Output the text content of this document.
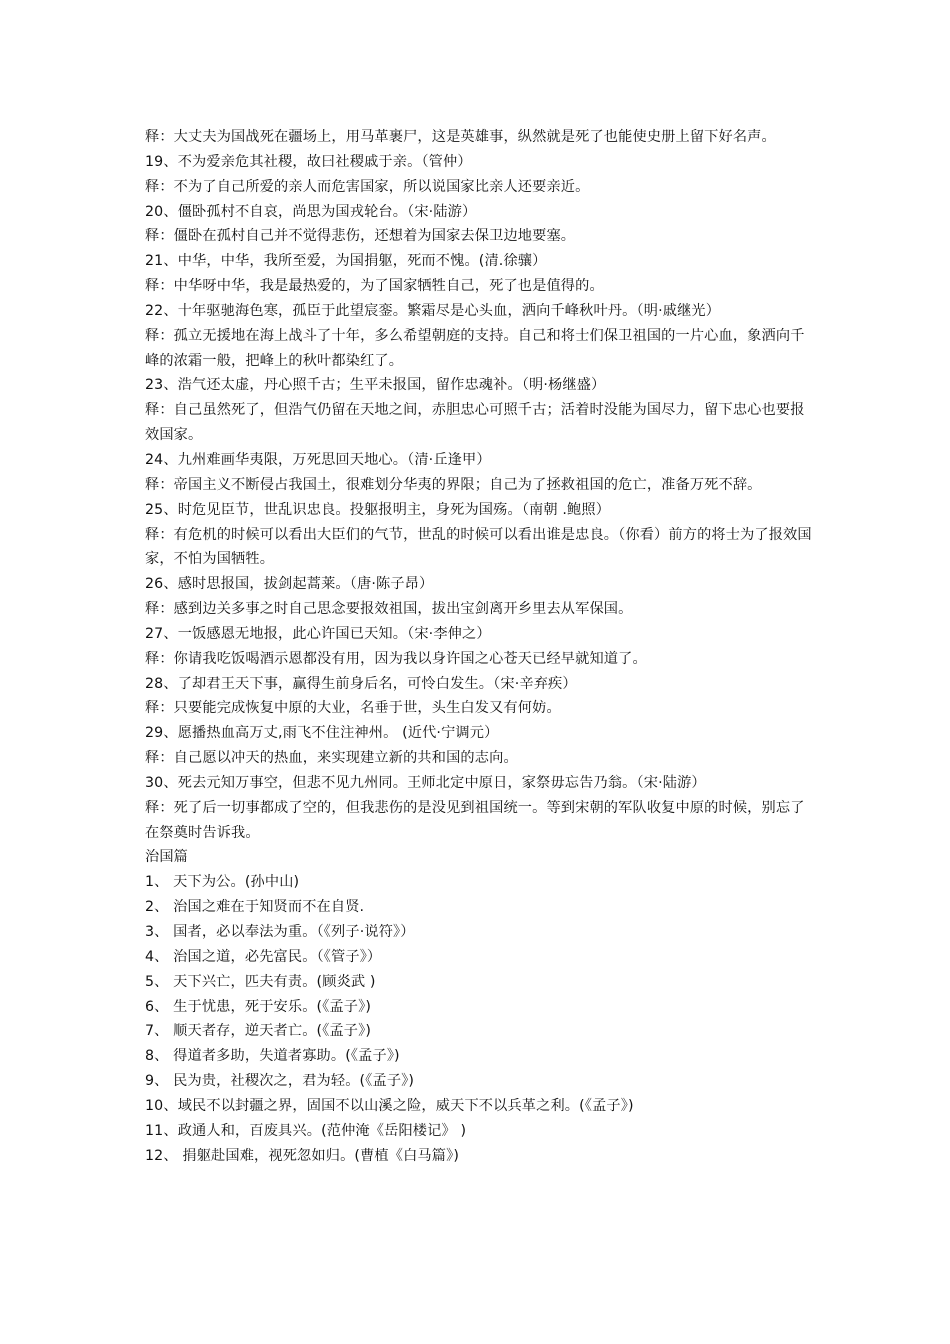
释：大丈夫为国战死在疆场上，用马革裹尸，这是英雄事，纵然就是死了也能使史册上留下好名声。

19、不为爱亲危其社稷，故曰社稷戚于亲。（管仲）

释：不为了自己所爱的亲人而危害国家，所以说国家比亲人还要亲近。

20、僵卧孤村不自哀，尚思为国戎轮台。（宋·陆游）

释：僵卧在孤村自己并不觉得悲伤，还想着为国家去保卫边地要塞。

21、中华，中华，我所至爱，为国捐躯，死而不愧。(清.徐骧）

释：中华呀中华，我是最热爱的，为了国家牺牲自己，死了也是值得的。

22、十年驱驰海色寒，孤臣于此望宸銮。繁霜尽是心头血，洒向千峰秋叶丹。（明·戚继光）

释：孤立无援地在海上战斗了十年，多么希望朝庭的支持。自己和将士们保卫祖国的一片心血，象洒向千峰的浓霜一般，把峰上的秋叶都染红了。

23、浩气还太虚，丹心照千古；生平未报国，留作忠魂补。（明·杨继盛）

释：自己虽然死了，但浩气仍留在天地之间，赤胆忠心可照千古；活着时没能为国尽力，留下忠心也要报效国家。

24、九州难画华夷限，万死思回天地心。（清·丘逢甲）

释：帝国主义不断侵占我国土，很难划分华夷的界限；自己为了拯救祖国的危亡，准备万死不辞。

25、时危见臣节，世乱识忠良。投躯报明主，身死为国殇。（南朝 .鲍照）

释：有危机的时候可以看出大臣们的气节，世乱的时候可以看出谁是忠良。（你看）前方的将士为了报效国家，不怕为国牺牲。

26、感时思报国，拔剑起蒿莱。（唐·陈子昂）

释：感到边关多事之时自己思念要报效祖国，拔出宝剑离开乡里去从军保国。

27、一饭感恩无地报，此心许国已天知。（宋·李伸之）

释：你请我吃饭喝酒示恩都没有用，因为我以身许国之心苍天已经早就知道了。

28、了却君王天下事，赢得生前身后名，可怜白发生。（宋·辛弃疾）

释：只要能完成恢复中原的大业，名垂于世，头生白发又有何妨。

29、愿播热血高万丈,雨飞不住注神州。 (近代·宁调元）

释：自己愿以冲天的热血，来实现建立新的共和国的志向。

30、死去元知万事空，但悲不见九州同。王师北定中原日，家祭毋忘告乃翁。（宋·陆游）

释：死了后一切事都成了空的，但我悲伤的是没见到祖国统一。等到宋朝的军队收复中原的时候，别忘了在祭奠时告诉我。

治国篇

1、 天下为公。(孙中山)

2、 治国之难在于知贤而不在自贤.

3、 国者，必以奉法为重。（《列子·说符》）

4、 治国之道，必先富民。（《管子》）

5、 天下兴亡，匹夫有责。(顾炎武 )

6、 生于忧患，死于安乐。(《孟子》)

7、 顺天者存，逆天者亡。(《孟子》)

8、 得道者多助，失道者寡助。(《孟子》)

9、 民为贵，社稷次之，君为轻。(《孟子》)

10、域民不以封疆之界，固国不以山溪之险，威天下不以兵革之利。(《孟子》)

11、政通人和，百废具兴。(范仲淹《岳阳楼记》 )

12、 捐躯赴国难，视死忽如归。(曹植《白马篇》)
